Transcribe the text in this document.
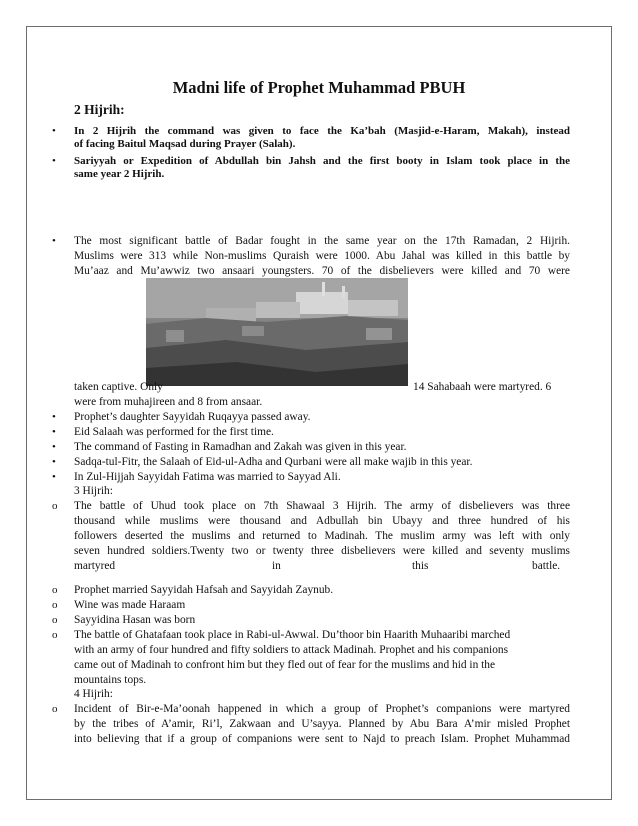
Madni life of Prophet Muhammad PBUH
2 Hijrih:
• In 2 Hijrih the command was given to face the Ka’bah (Masjid-e-Haram, Makah), instead
of facing Baitul Maqsad during Prayer (Salah).
• Sariyyah or Expedition of Abdullah bin Jahsh and the first booty in Islam took place in the
same year 2 Hijrih.
• The most significant battle of Badar fought in the same year on the 17th Ramadan, 2 Hijrih.
Muslims were 313 while Non-muslims Quraish were 1000. Abu Jahal was killed in this battle by
Mu’aaz and Mu’awwiz two ansaari youngsters. 70 of the disbelievers were killed and 70 were
taken captive. Only	14 Sahabaah were martyred. 6
were from muhajireen and 8 from ansaar.
• Prophet’s daughter Sayyidah Ruqayya passed away.
• Eid Salaah was performed for the first time.
• The command of Fasting in Ramadhan and Zakah was given in this year.
• Sadqa-tul-Fitr, the Salaah of Eid-ul-Adha and Qurbani were all make wajib in this year.
• In Zul-Hijjah Sayyidah Fatima was married to Sayyad Ali.
3 Hijrih:
o The battle of Uhud took place on 7th Shawaal 3 Hijrih. The army of disbelievers was three
thousand while muslims were thousand and Adbullah bin Ubayy and three hundred of his
followers deserted the muslims and returned to Madinah. The muslim army was left with only
seven hundred soldiers.Twenty two or twenty three disbelievers were killed and seventy muslims
martyred	in	this	battle.
o Prophet married Sayyidah Hafsah and Sayyidah Zaynub.
o Wine was made Haraam
o Sayyidina Hasan was born
o The battle of Ghatafaan took place in Rabi-ul-Awwal. Du’thoor bin Haarith Muhaaribi marched
with an army of four hundred and fifty soldiers to attack Madinah. Prophet and his companions
came out of Madinah to confront him but they fled out of fear for the muslims and hid in the
mountains tops.
4 Hijrih:
o Incident of Bir-e-Ma’oonah happened in which a group of Prophet’s companions were martyred
by the tribes of A’amir, Ri’l, Zakwaan and U’sayya. Planned by Abu Bara A’mir misled Prophet
into believing that if a group of companions were sent to Najd to preach Islam. Prophet Muhammad
